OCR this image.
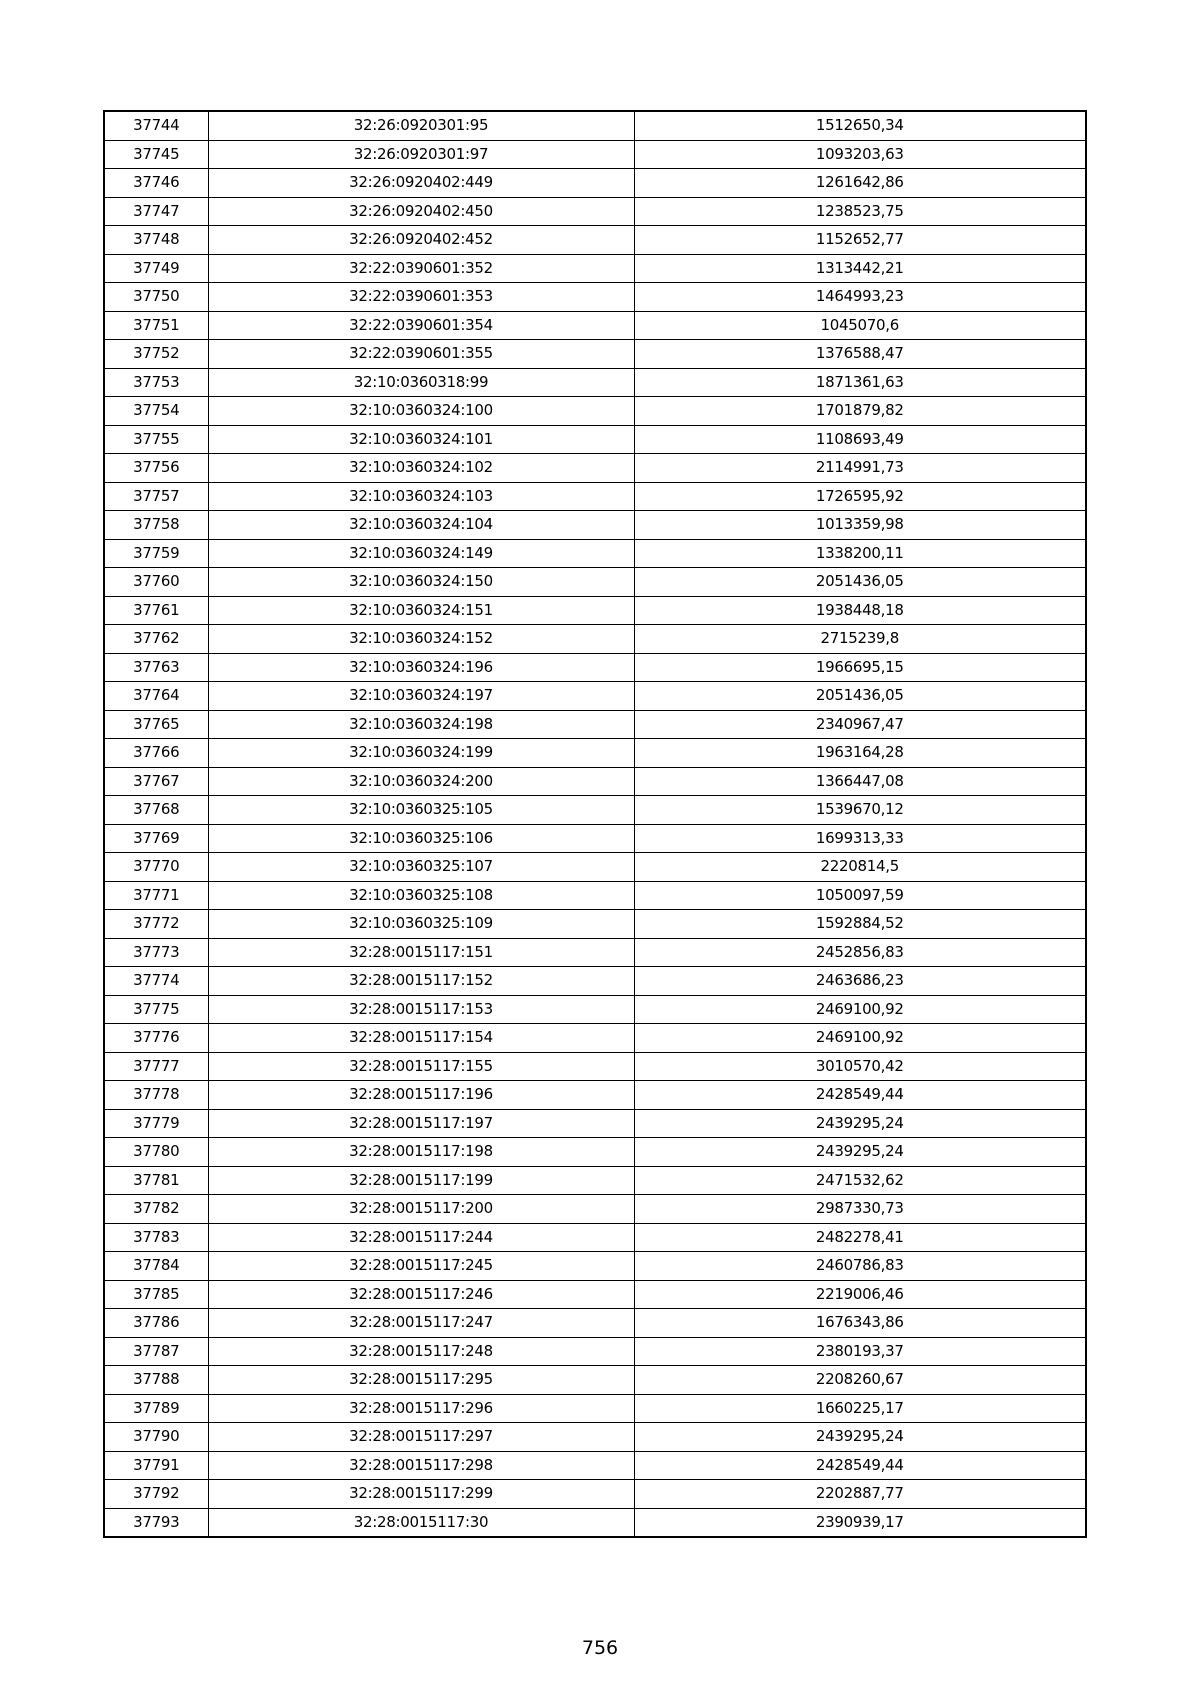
37744	32:26:0920301:95	1512650,34
37745	32:26:0920301:97	1093203,63
37746	32:26:0920402:449	1261642,86
37747	32:26:0920402:450	1238523,75
37748	32:26:0920402:452	1152652,77
37749	32:22:0390601:352	1313442,21
37750	32:22:0390601:353	1464993,23
37751	32:22:0390601:354	1045070,6
37752	32:22:0390601:355	1376588,47
37753	32:10:0360318:99	1871361,63
37754	32:10:0360324:100	1701879,82
37755	32:10:0360324:101	1108693,49
37756	32:10:0360324:102	2114991,73
37757	32:10:0360324:103	1726595,92
37758	32:10:0360324:104	1013359,98
37759	32:10:0360324:149	1338200,11
37760	32:10:0360324:150	2051436,05
37761	32:10:0360324:151	1938448,18
37762	32:10:0360324:152	2715239,8
37763	32:10:0360324:196	1966695,15
37764	32:10:0360324:197	2051436,05
37765	32:10:0360324:198	2340967,47
37766	32:10:0360324:199	1963164,28
37767	32:10:0360324:200	1366447,08
37768	32:10:0360325:105	1539670,12
37769	32:10:0360325:106	1699313,33
37770	32:10:0360325:107	2220814,5
37771	32:10:0360325:108	1050097,59
37772	32:10:0360325:109	1592884,52
37773	32:28:0015117:151	2452856,83
37774	32:28:0015117:152	2463686,23
37775	32:28:0015117:153	2469100,92
37776	32:28:0015117:154	2469100,92
37777	32:28:0015117:155	3010570,42
37778	32:28:0015117:196	2428549,44
37779	32:28:0015117:197	2439295,24
37780	32:28:0015117:198	2439295,24
37781	32:28:0015117:199	2471532,62
37782	32:28:0015117:200	2987330,73
37783	32:28:0015117:244	2482278,41
37784	32:28:0015117:245	2460786,83
37785	32:28:0015117:246	2219006,46
37786	32:28:0015117:247	1676343,86
37787	32:28:0015117:248	2380193,37
37788	32:28:0015117:295	2208260,67
37789	32:28:0015117:296	1660225,17
37790	32:28:0015117:297	2439295,24
37791	32:28:0015117:298	2428549,44
37792	32:28:0015117:299	2202887,77
37793	32:28:0015117:30	2390939,17
756
